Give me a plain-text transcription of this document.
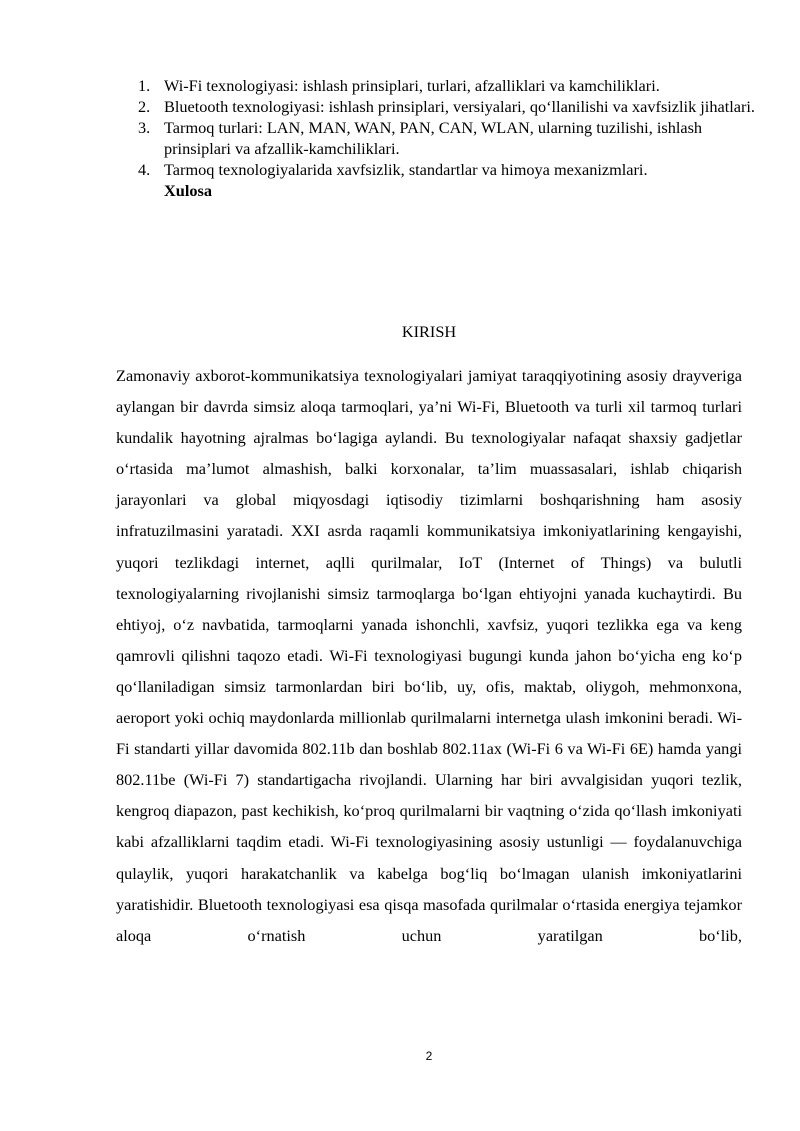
1. Wi-Fi texnologiyasi: ishlash prinsiplari, turlari, afzalliklari va kamchiliklari.
2. Bluetooth texnologiyasi: ishlash prinsiplari, versiyalari, qo‘llanilishi va xavfsizlik jihatlari.
3. Tarmoq turlari: LAN, MAN, WAN, PAN, CAN, WLAN, ularning tuzilishi, ishlash prinsiplari va afzallik-kamchiliklari.
4. Tarmoq texnologiyalarida xavfsizlik, standartlar va himoya mexanizmlari.
Xulosa
KIRISH

Zamonaviy axborot-kommunikatsiya texnologiyalari jamiyat taraqqiyotining asosiy drayveriga aylangan bir davrda simsiz aloqa tarmoqlari, ya’ni Wi-Fi, Bluetooth va turli xil tarmoq turlari kundalik hayotning ajralmas bo‘lagiga aylandi. Bu texnologiyalar nafaqat shaxsiy gadjetlar o‘rtasida ma’lumot almashish, balki korxonalar, ta’lim muassasalari, ishlab chiqarish jarayonlari va global miqyosdagi iqtisodiy tizimlarni boshqarishning ham asosiy infratuzilmasini yaratadi. XXI asrda raqamli kommunikatsiya imkoniyatlarining kengayishi, yuqori tezlikdagi internet, aqlli qurilmalar, IoT (Internet of Things) va bulutli texnologiyalarning rivojlanishi simsiz tarmoqlarga bo‘lgan ehtiyojni yanada kuchaytirdi. Bu ehtiyoj, o‘z navbatida, tarmoqlarni yanada ishonchli, xavfsiz, yuqori tezlikka ega va keng qamrovli qilishni taqozo etadi. Wi-Fi texnologiyasi bugungi kunda jahon bo‘yicha eng ko‘p qo‘llaniladigan simsiz tarmonlardan biri bo‘lib, uy, ofis, maktab, oliygoh, mehmonxona, aeroport yoki ochiq maydonlarda millionlab qurilmalarni internetga ulash imkonini beradi. Wi-Fi standarti yillar davomida 802.11b dan boshlab 802.11ax (Wi-Fi 6 va Wi-Fi 6E) hamda yangi 802.11be (Wi-Fi 7) standartigacha rivojlandi. Ularning har biri avvalgisidan yuqori tezlik, kengroq diapazon, past kechikish, ko‘proq qurilmalarni bir vaqtning o‘zida qo‘llash imkoniyati kabi afzalliklarni taqdim etadi. Wi-Fi texnologiyasining asosiy ustunligi — foydalanuvchiga qulaylik, yuqori harakatchanlik va kabelga bog‘liq bo‘lmagan ulanish imkoniyatlarini yaratishidir. Bluetooth texnologiyasi esa qisqa masofada qurilmalar o‘rtasida energiya tejamkor aloqa o‘rnatish uchun yaratilgan bo‘lib,

2
